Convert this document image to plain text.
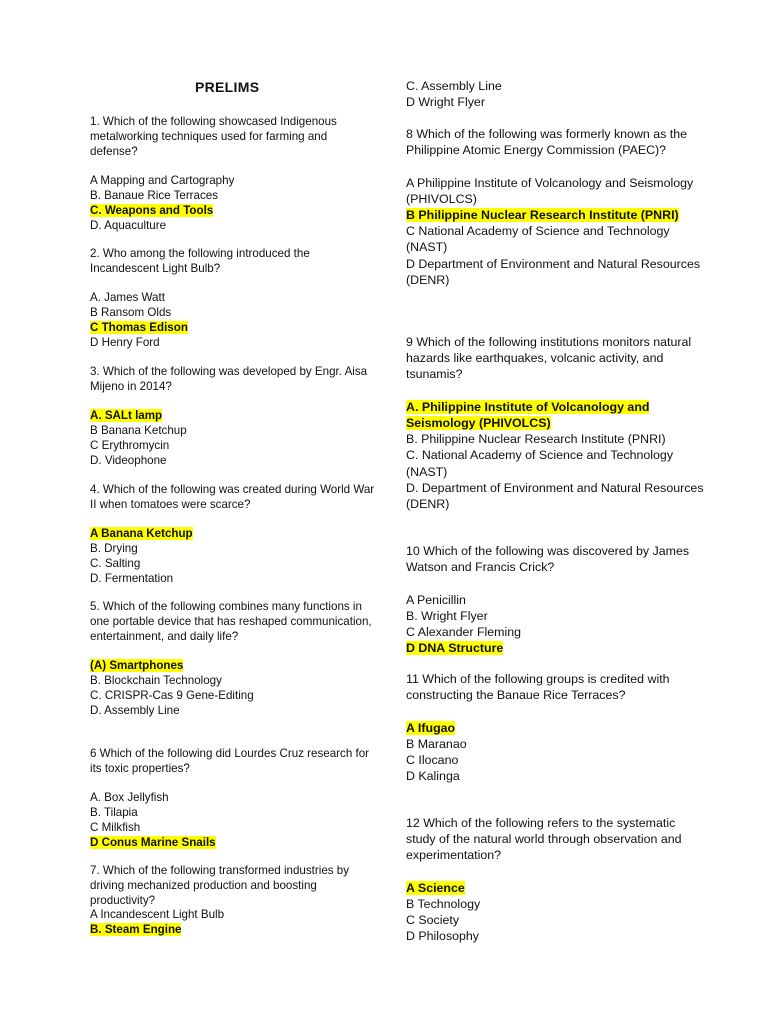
PRELIMS
1. Which of the following showcased Indigenous metalworking techniques used for farming and defense?
A Mapping and Cartography
B. Banaue Rice Terraces
C. Weapons and Tools
D. Aquaculture
2. Who among the following introduced the Incandescent Light Bulb?
A. James Watt
B Ransom Olds
C Thomas Edison
D Henry Ford
3. Which of the following was developed by Engr. Aisa Mijeno in 2014?
A. SALt lamp
B Banana Ketchup
C Erythromycin
D. Videophone
4. Which of the following was created during World War II when tomatoes were scarce?
A Banana Ketchup
B. Drying
C. Salting
D. Fermentation
5. Which of the following combines many functions in one portable device that has reshaped communication, entertainment, and daily life?
(A) Smartphones
B. Blockchain Technology
C. CRISPR-Cas 9 Gene-Editing
D. Assembly Line
6 Which of the following did Lourdes Cruz research for its toxic properties?
A. Box Jellyfish
B. Tilapia
C Milkfish
D Conus Marine Snails
7. Which of the following transformed industries by driving mechanized production and boosting productivity?
A Incandescent Light Bulb
B. Steam Engine
C. Assembly Line
D Wright Flyer
8 Which of the following was formerly known as the Philippine Atomic Energy Commission (PAEC)?
A Philippine Institute of Volcanology and Seismology (PHIVOLCS)
B Philippine Nuclear Research Institute (PNRI)
C National Academy of Science and Technology (NAST)
D Department of Environment and Natural Resources (DENR)
9 Which of the following institutions monitors natural hazards like earthquakes, volcanic activity, and tsunamis?
A. Philippine Institute of Volcanology and Seismology (PHIVOLCS)
B. Philippine Nuclear Research Institute (PNRI)
C. National Academy of Science and Technology (NAST)
D. Department of Environment and Natural Resources (DENR)
10 Which of the following was discovered by James Watson and Francis Crick?
A Penicillin
B. Wright Flyer
C Alexander Fleming
D DNA Structure
11 Which of the following groups is credited with constructing the Banaue Rice Terraces?
A Ifugao
B Maranao
C Ilocano
D Kalinga
12 Which of the following refers to the systematic study of the natural world through observation and experimentation?
A Science
B Technology
C Society
D Philosophy
